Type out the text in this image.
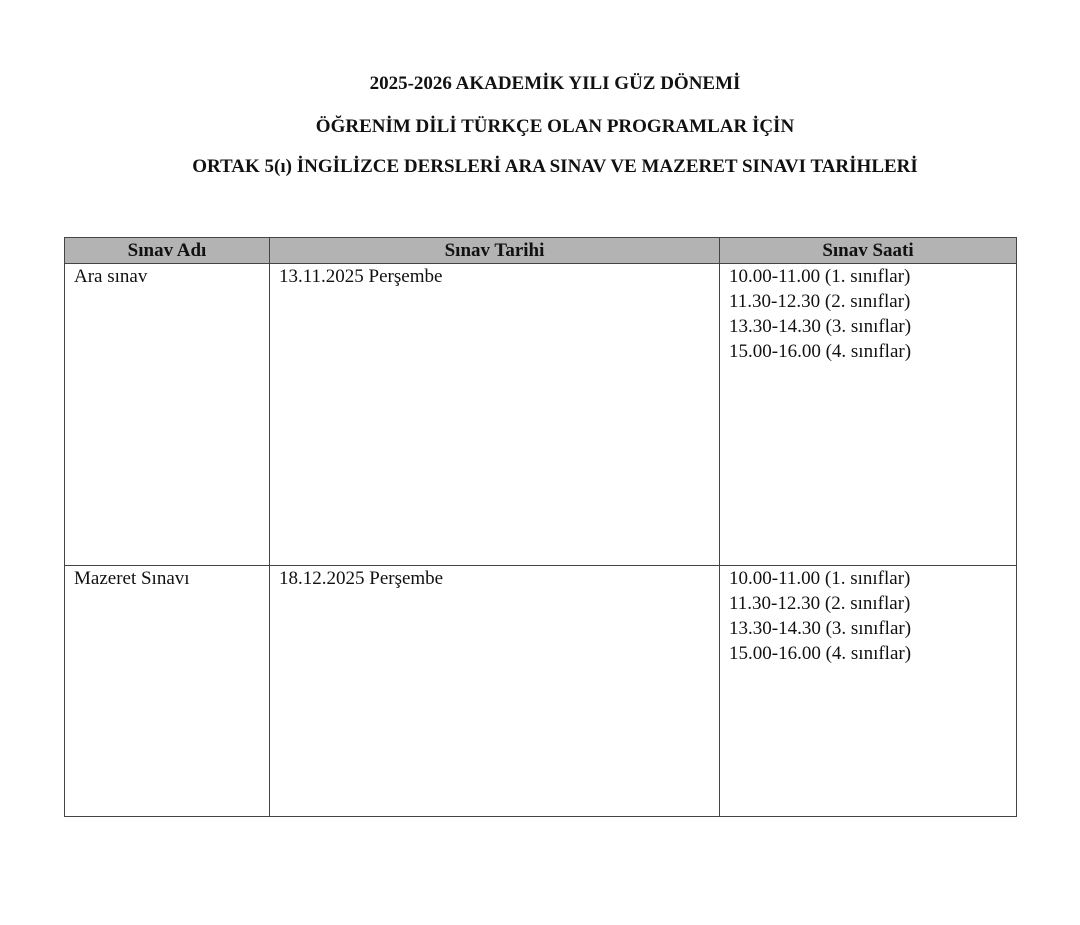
2025-2026 AKADEMİK YILI GÜZ DÖNEMİ
ÖĞRENİM DİLİ TÜRKÇE OLAN PROGRAMLAR İÇİN
ORTAK 5(ı) İNGİLİZCE DERSLERİ ARA SINAV VE MAZERET SINAVI TARİHLERİ
Sınav Adı	Sınav Tarihi	Sınav Saati
Ara sınav	13.11.2025 Perşembe	10.00-11.00 (1. sınıflar)
11.30-12.30 (2. sınıflar)
13.30-14.30 (3. sınıflar)
15.00-16.00 (4. sınıflar)

Mazeret Sınavı	18.12.2025 Perşembe	10.00-11.00 (1. sınıflar)
11.30-12.30 (2. sınıflar)
13.30-14.30 (3. sınıflar)
15.00-16.00 (4. sınıflar)
